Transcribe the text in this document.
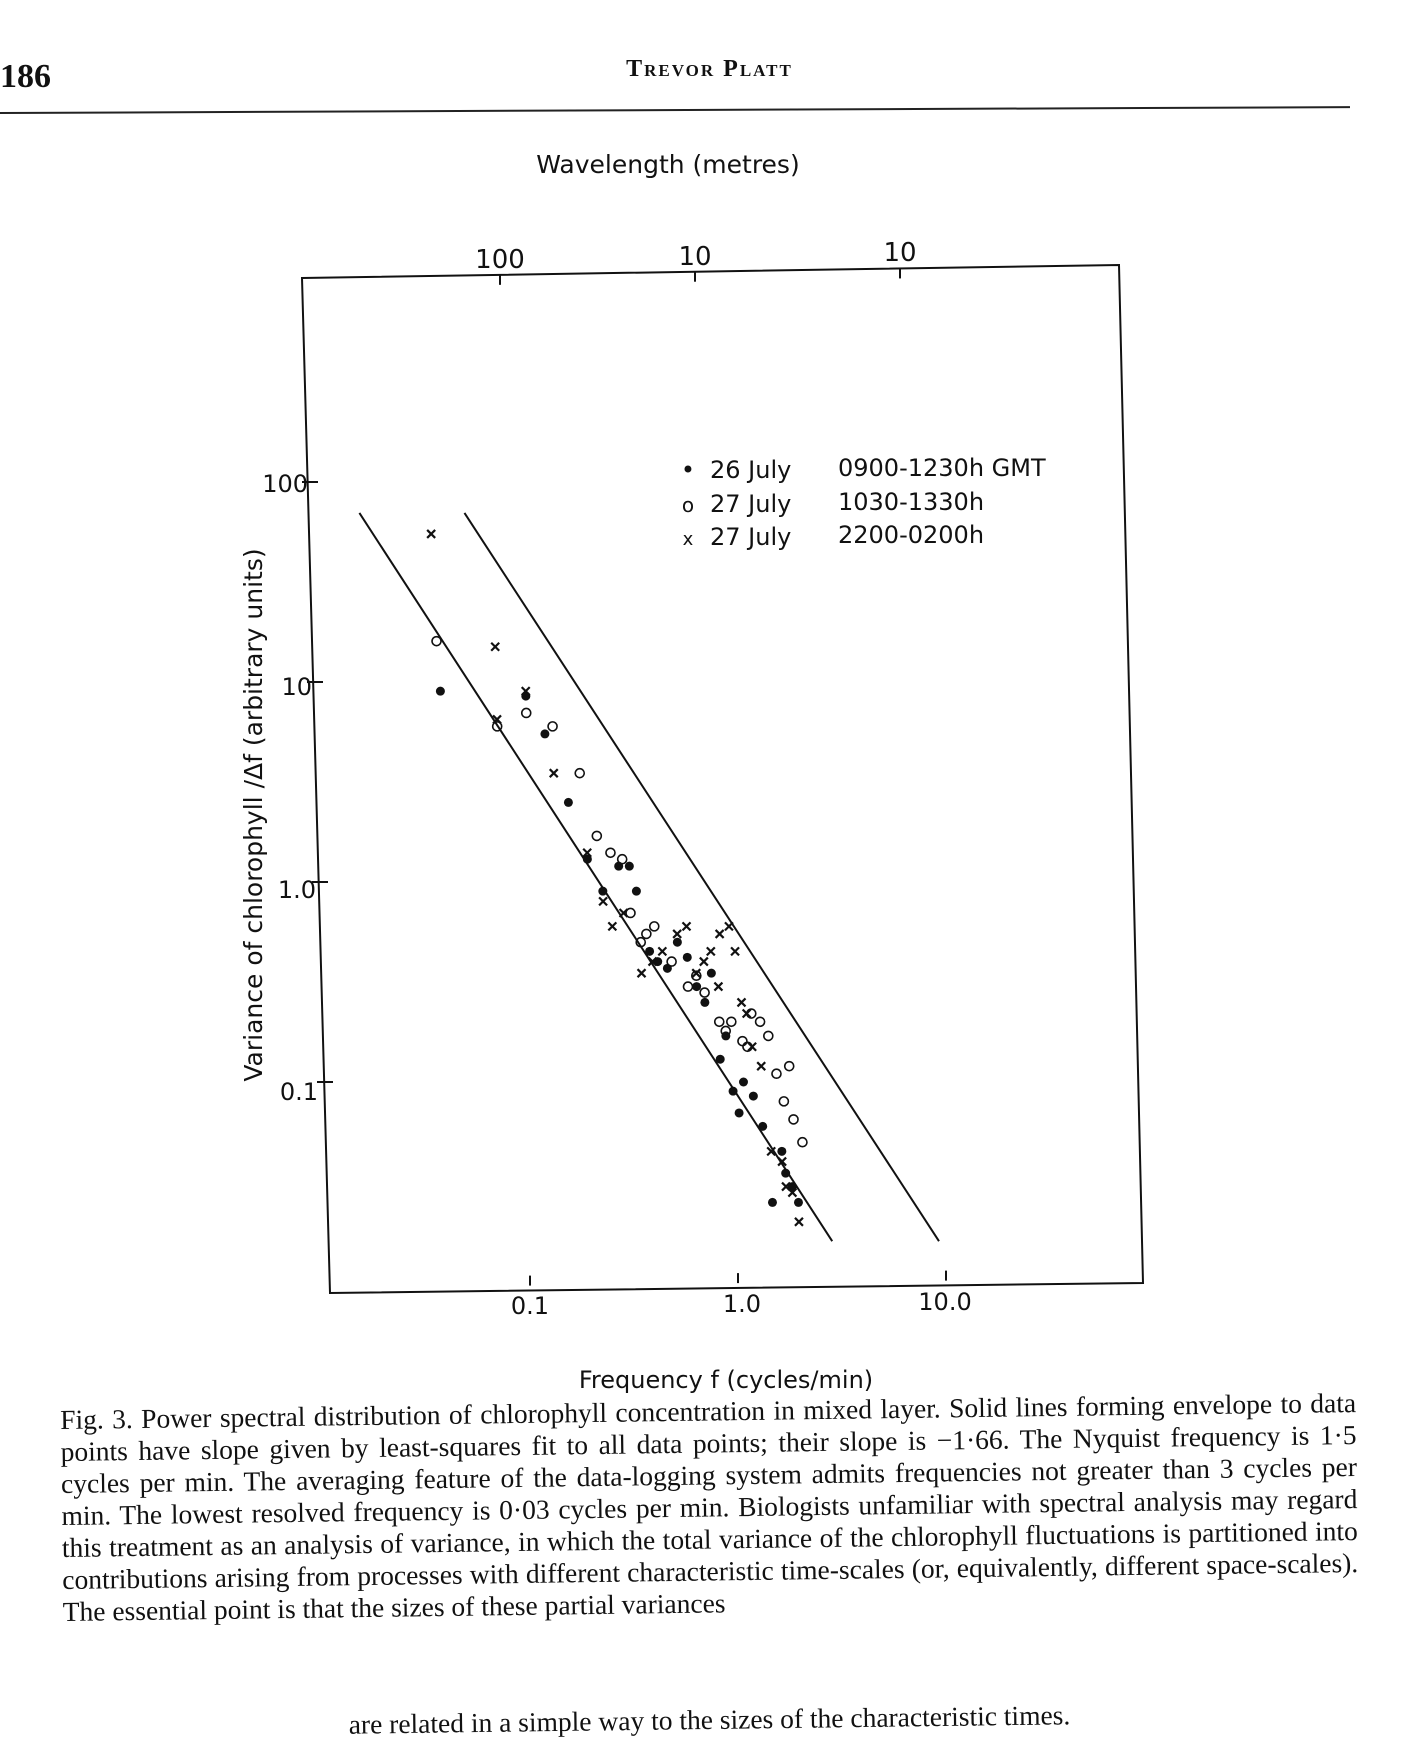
186	Trevor Platt
Wavelength (metres)
100	10	10
100
10
1.0
0.1
0.1	1.0	10.0
Variance of chlorophyll /Δf (arbitrary units)
Frequency f (cycles/min)
• 26 July 0900-1230h GMT
o 27 July 1030-1330h
x 27 July 2200-0200h
Fig. 3. Power spectral distribution of chlorophyll concentration in mixed layer. Solid lines forming envelope to data points have slope given by least-squares fit to all data points; their slope is −1·66. The Nyquist frequency is 1·5 cycles per min. The averaging feature of the data-logging system admits frequencies not greater than 3 cycles per min. The lowest resolved frequency is 0·03 cycles per min. Biologists unfamiliar with spectral analysis may regard this treatment as an analysis of variance, in which the total variance of the chlorophyll fluctuations is partitioned into contributions arising from processes with different characteristic time-scales (or, equivalently, different space-scales). The essential point is that the sizes of these partial variances
are related in a simple way to the sizes of the characteristic times.
